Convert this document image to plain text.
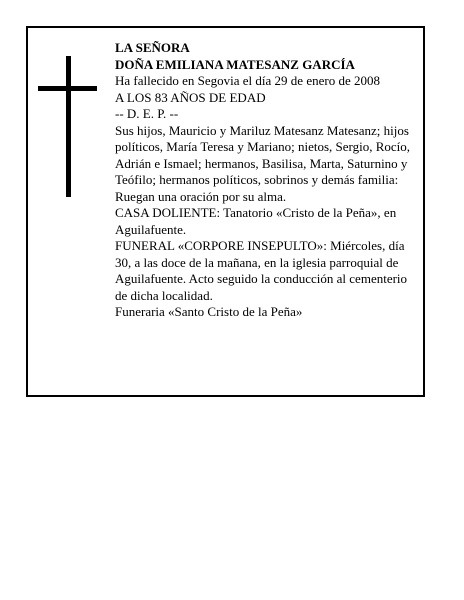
LA SEÑORA

DOÑA EMILIANA MATESANZ GARCÍA

Ha fallecido en Segovia el día 29 de enero de 2008

A LOS 83 AÑOS DE EDAD

-- D. E. P. --

Sus hijos, Mauricio y Mariluz Matesanz Matesanz; hijos políticos, María Teresa y Mariano; nietos, Sergio, Rocío, Adrián e Ismael; hermanos, Basilisa, Marta, Saturnino y Teófilo; hermanos políticos, sobrinos y demás familia:

Ruegan una oración por su alma.

CASA DOLIENTE: Tanatorio «Cristo de la Peña», en Aguilafuente.

FUNERAL «CORPORE INSEPULTO»: Miércoles, día 30, a las doce de la mañana, en la iglesia parroquial de Aguilafuente. Acto seguido la conducción al cementerio de dicha localidad.

Funeraria «Santo Cristo de la Peña»
